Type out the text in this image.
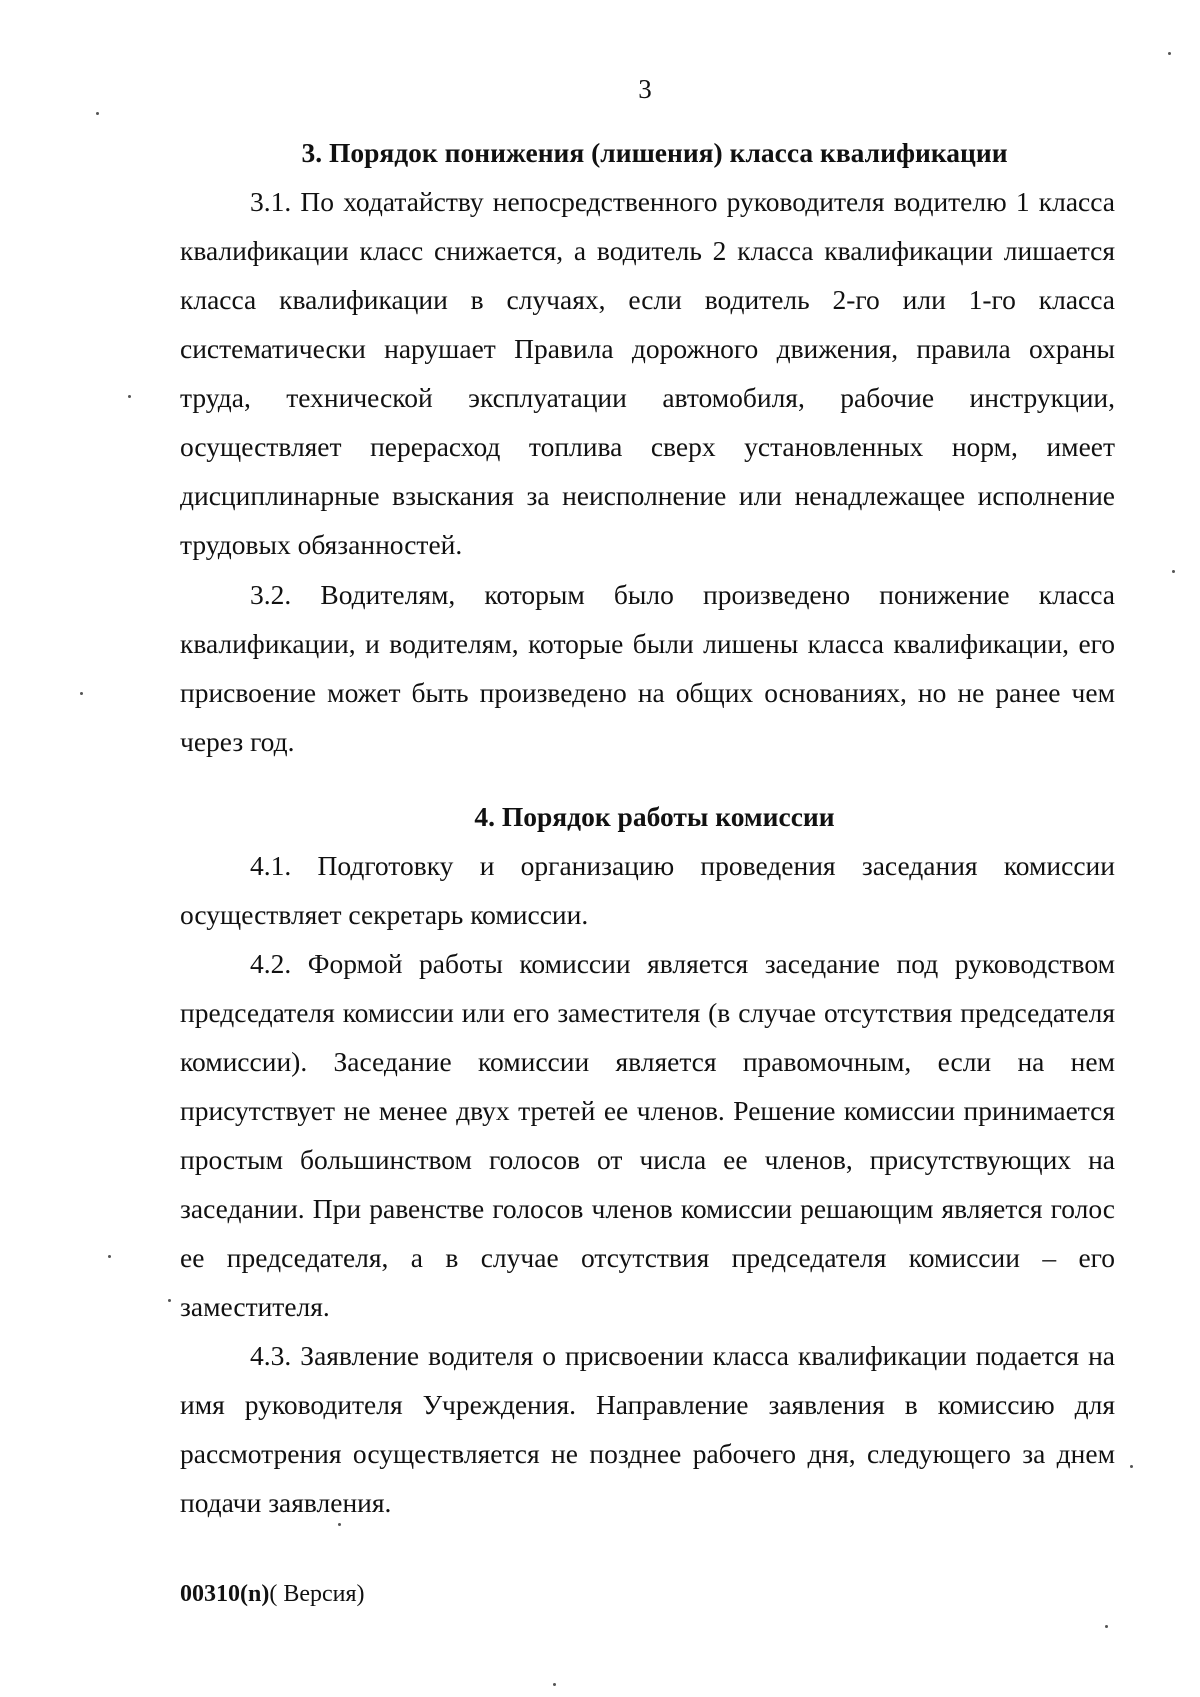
3
3. Порядок понижения (лишения) класса квалификации

3.1. По ходатайству непосредственного руководителя водителю 1 класса квалификации класс снижается, а водитель 2 класса квалификации лишается класса квалификации в случаях, если водитель 2-го или 1-го класса систематически нарушает Правила дорожного движения, правила охраны труда, технической эксплуатации автомобиля, рабочие инструкции, осуществляет перерасход топлива сверх установленных норм, имеет дисциплинарные взыскания за неисполнение или ненадлежащее исполнение трудовых обязанностей.

3.2. Водителям, которым было произведено понижение класса квалификации, и водителям, которые были лишены класса квалификации, его присвоение может быть произведено на общих основаниях, но не ранее чем через год.

4. Порядок работы комиссии

4.1. Подготовку и организацию проведения заседания комиссии осуществляет секретарь комиссии.

4.2. Формой работы комиссии является заседание под руководством председателя комиссии или его заместителя (в случае отсутствия председателя комиссии). Заседание комиссии является правомочным, если на нем присутствует не менее двух третей ее членов. Решение комиссии принимается простым большинством голосов от числа ее членов, присутствующих на заседании. При равенстве голосов членов комиссии решающим является голос ее председателя, а в случае отсутствия председателя комиссии – его заместителя.

4.3. Заявление водителя о присвоении класса квалификации подается на имя руководителя Учреждения. Направление заявления в комиссию для рассмотрения осуществляется не позднее рабочего дня, следующего за днем подачи заявления.

00310(n)( Версия)
